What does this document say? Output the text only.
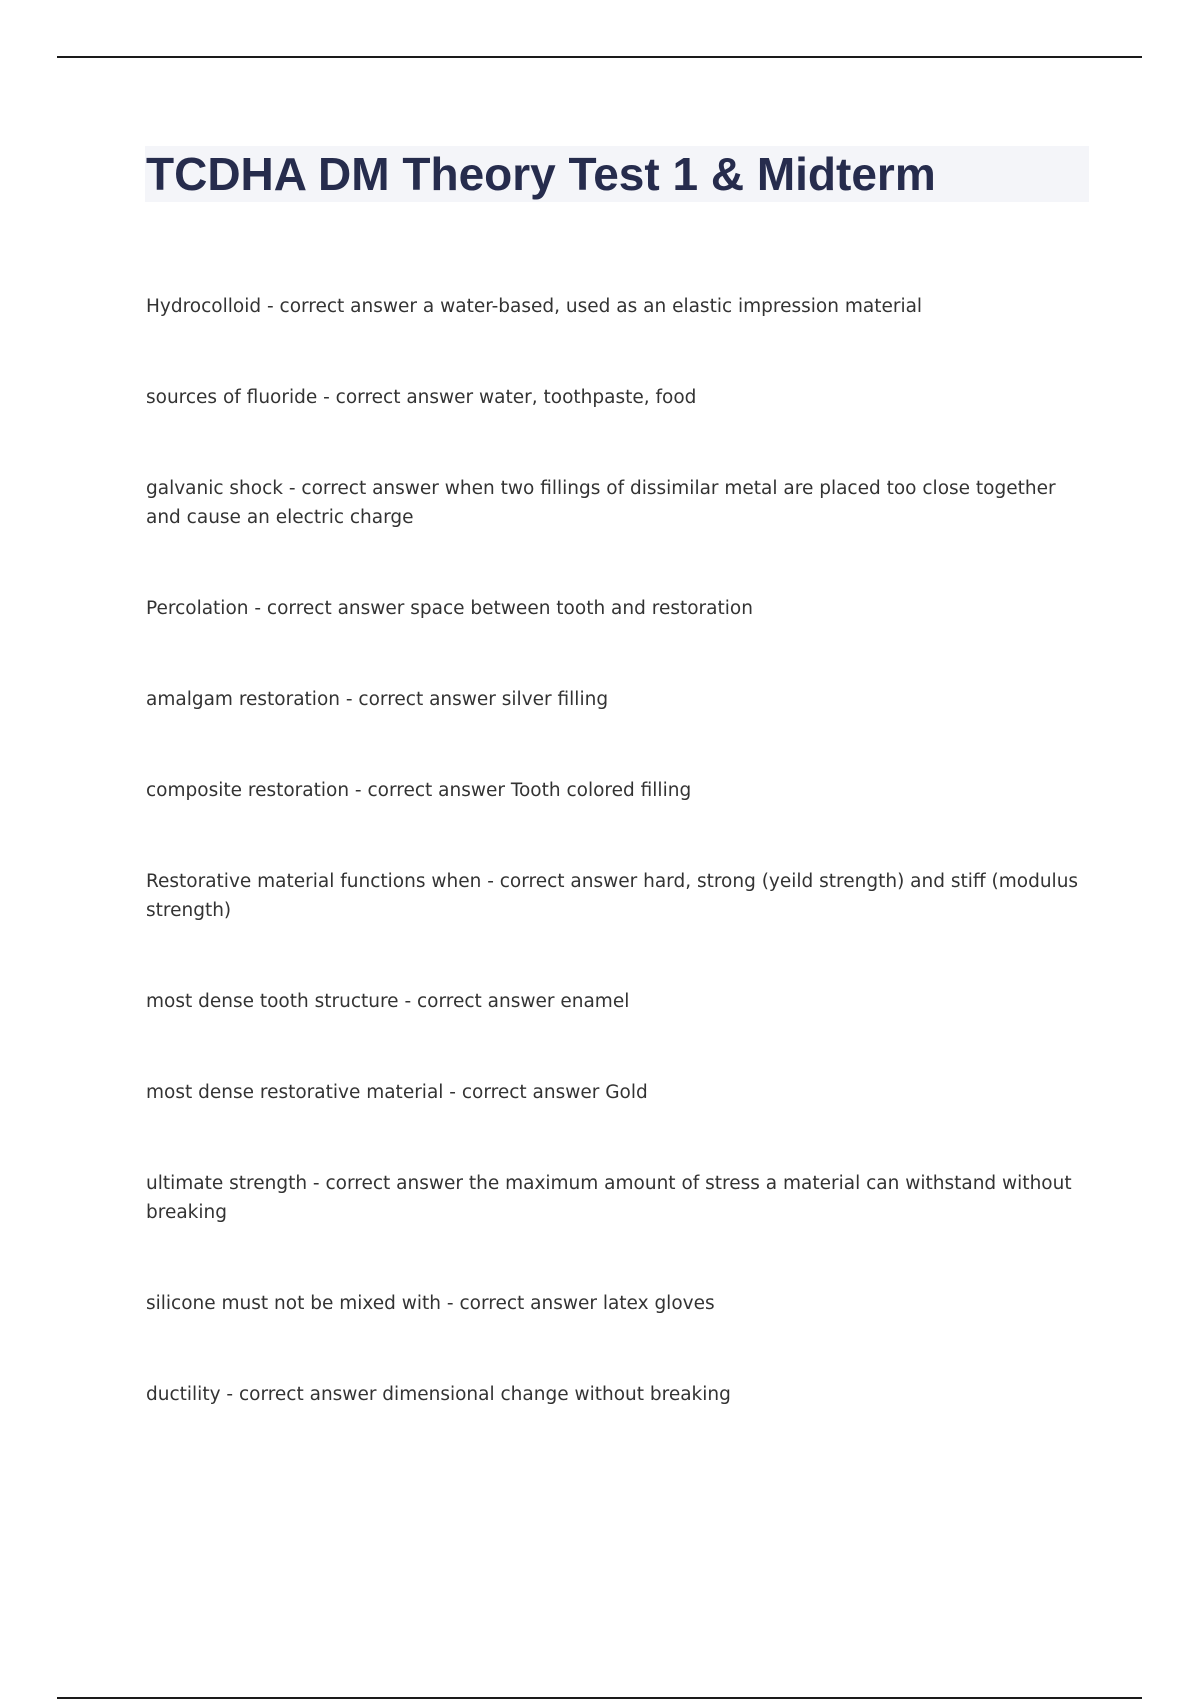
TCDHA DM Theory Test 1 & Midterm
Hydrocolloid - correct answer a water-based, used as an elastic impression material
sources of fluoride - correct answer water, toothpaste, food
galvanic shock - correct answer when two fillings of dissimilar metal are placed too close together and cause an electric charge
Percolation - correct answer space between tooth and restoration
amalgam restoration - correct answer silver filling
composite restoration - correct answer Tooth colored filling
Restorative material functions when - correct answer hard, strong (yeild strength) and stiff (modulus strength)
most dense tooth structure - correct answer enamel
most dense restorative material - correct answer Gold
ultimate strength - correct answer the maximum amount of stress a material can withstand without breaking
silicone must not be mixed with - correct answer latex gloves
ductility - correct answer dimensional change without breaking
